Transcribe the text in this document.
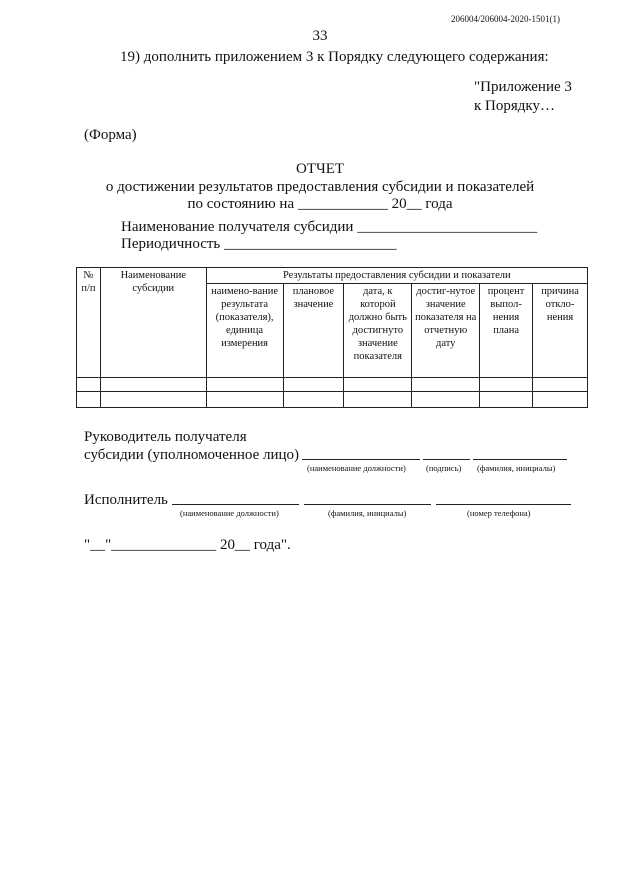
206004/206004-2020-1501(1)
33
19) дополнить приложением 3 к Порядку следующего содержания:
"Приложение 3
к Порядку…
(Форма)
ОТЧЕТ
о достижении результатов предоставления субсидии и показателей
по состоянию на ____________ 20__ года
Наименование получателя субсидии ________________________
Периодичность _______________________
№ п/п	Наименование субсидии	Результаты предоставления субсидии и показатели					
		наимено-вание результата (показателя), единица измерения	плановое значение	дата, к которой должно быть достигнуто значение показателя	достиг-нутое значение показателя на отчетную дату	процент выпол-нения плана	причина откло-нения

Руководитель получателя
субсидии (уполномоченное лицо)
(наименование должности) (подпись) (фамилия, инициалы)
Исполнитель
(наименование должности)	(фамилия, инициалы)	(номер телефона)
"__"______________ 20__ года".
